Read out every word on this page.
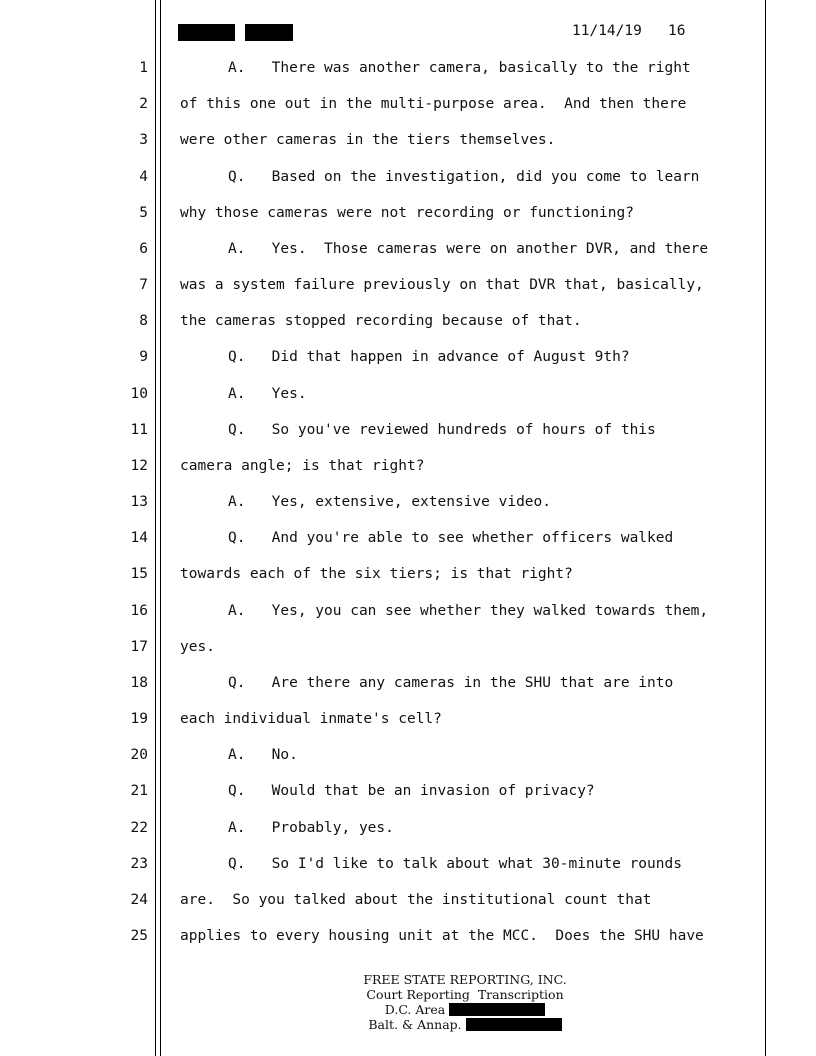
11/14/19 16
1	A.   There was another camera, basically to the right
2 of this one out in the multi-purpose area.  And then there
3 were other cameras in the tiers themselves.
4	Q.   Based on the investigation, did you come to learn
5 why those cameras were not recording or functioning?
6	A.   Yes.  Those cameras were on another DVR, and there
7 was a system failure previously on that DVR that, basically,
8 the cameras stopped recording because of that.
9	Q.   Did that happen in advance of August 9th?
10	A.   Yes.
11	Q.   So you've reviewed hundreds of hours of this
12 camera angle; is that right?
13	A.   Yes, extensive, extensive video.
14	Q.   And you're able to see whether officers walked
15 towards each of the six tiers; is that right?
16	A.   Yes, you can see whether they walked towards them,
17 yes.
18	Q.   Are there any cameras in the SHU that are into
19 each individual inmate's cell?
20	A.   No.
21	Q.   Would that be an invasion of privacy?
22	A.   Probably, yes.
23	Q.   So I'd like to talk about what 30-minute rounds
24 are.  So you talked about the institutional count that
25 applies to every housing unit at the MCC.  Does the SHU have
FREE STATE REPORTING, INC.
Court Reporting  Transcription
D.C. Area
Balt. & Annap.
